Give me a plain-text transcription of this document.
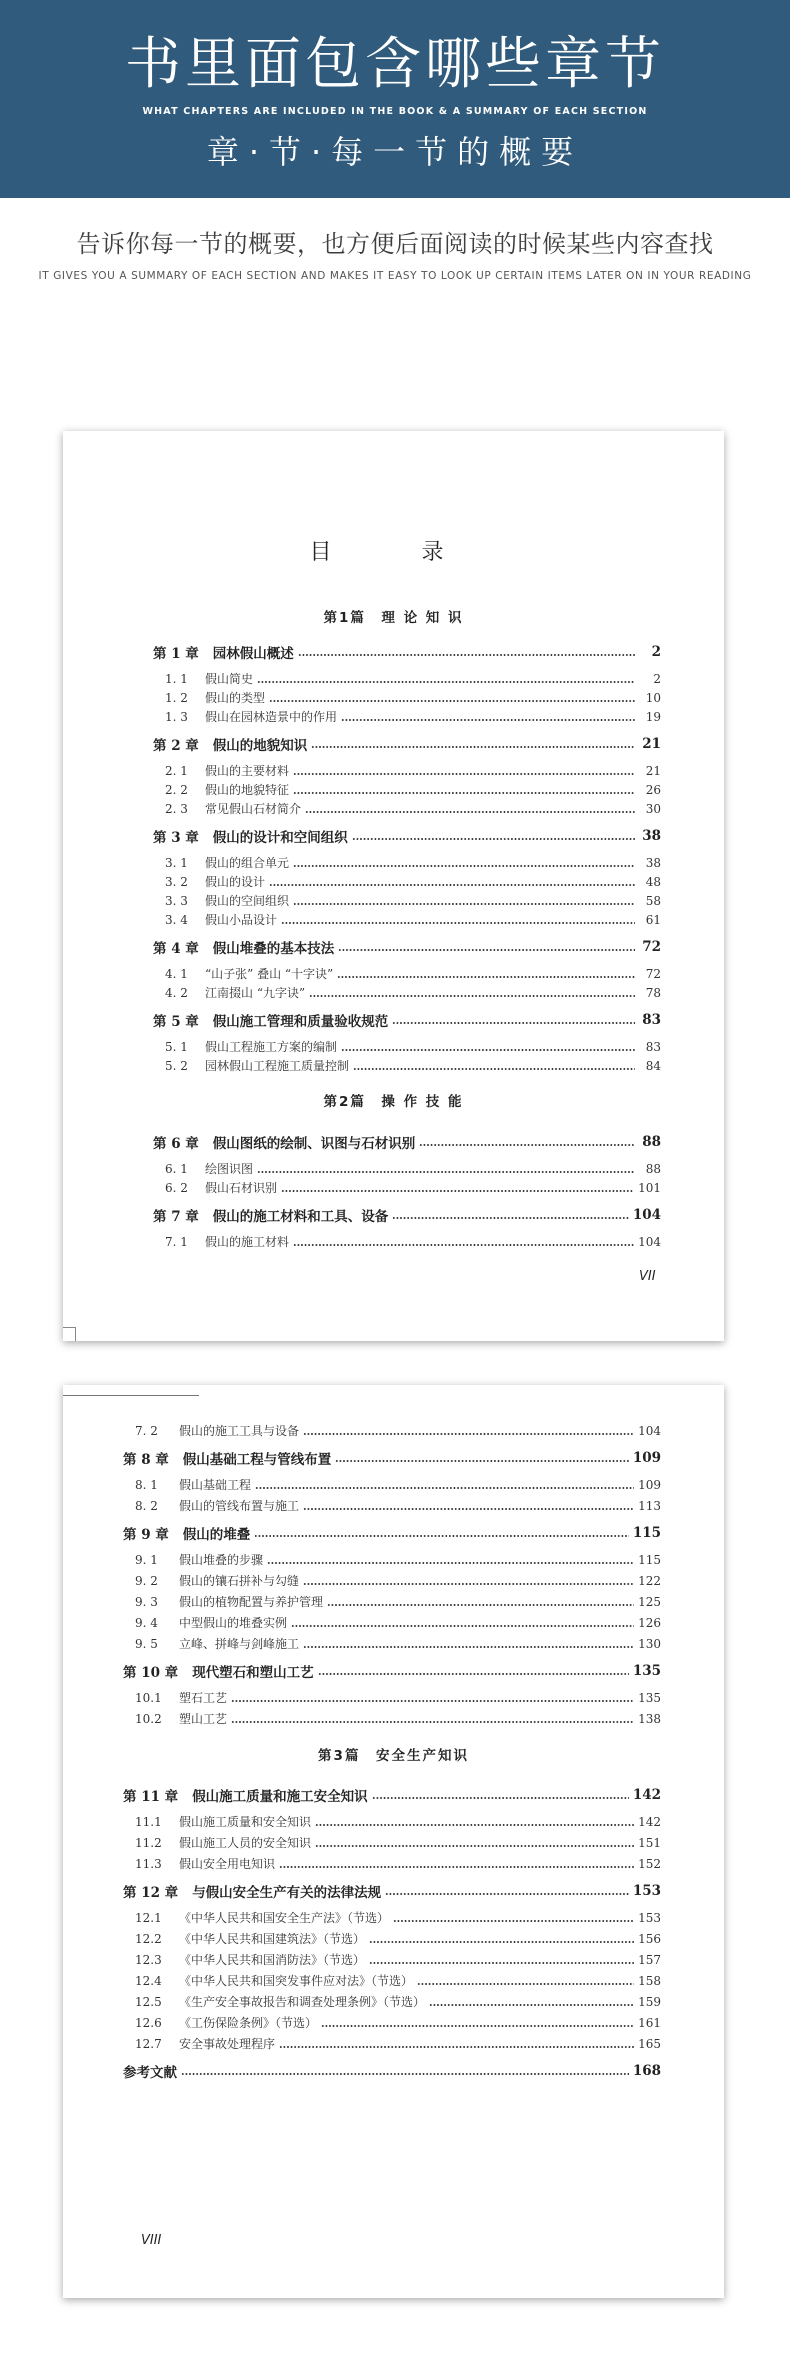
书里面包含哪些章节
WHAT CHAPTERS ARE INCLUDED IN THE BOOK & A SUMMARY OF EACH SECTION
章·节·每一节的概要
告诉你每一节的概要，也方便后面阅读的时候某些内容查找
IT GIVES YOU A SUMMARY OF EACH SECTION AND MAKES IT EASY TO LOOK UP CERTAIN ITEMS LATER ON IN YOUR READING
目　录
第1篇　理 论 知 识
第 1 章 园林假山概述	2
1. 1 假山简史	2
1. 2 假山的类型	10
1. 3 假山在园林造景中的作用	19
第 2 章 假山的地貌知识	21
2. 1 假山的主要材料	21
2. 2 假山的地貌特征	26
2. 3 常见假山石材简介	30
第 3 章 假山的设计和空间组织	38
3. 1 假山的组合单元	38
3. 2 假山的设计	48
3. 3 假山的空间组织	58
3. 4 假山小品设计	61
第 4 章 假山堆叠的基本技法	72
4. 1 “山子张” 叠山 “十字诀”	72
4. 2 江南掇山 “九字诀”	78
第 5 章 假山施工管理和质量验收规范	83
5. 1 假山工程施工方案的编制	83
5. 2 园林假山工程施工质量控制	84
第2篇　操 作 技 能
第 6 章 假山图纸的绘制、识图与石材识别	88
6. 1 绘图识图	88
6. 2 假山石材识别	101
第 7 章 假山的施工材料和工具、设备	104
7. 1 假山的施工材料	104
VII
7. 2	假山的施工工具与设备	104
第 8 章 假山基础工程与管线布置	109
8. 1	假山基础工程	109
8. 2	假山的管线布置与施工	113
第 9 章 假山的堆叠	115
9. 1	假山堆叠的步骤	115
9. 2	假山的镶石拼补与勾缝	122
9. 3	假山的植物配置与养护管理	125
9. 4	中型假山的堆叠实例	126
9. 5	立峰、拼峰与剑峰施工	130
第 10 章 现代塑石和塑山工艺	135
10.1 塑石工艺	135
10.2 塑山工艺	138
第3篇　安全生产知识
第 11 章 假山施工质量和施工安全知识	142
11.1 假山施工质量和安全知识	142
11.2 假山施工人员的安全知识	151
11.3 假山安全用电知识	152
第 12 章 与假山安全生产有关的法律法规	153
12.1 《中华人民共和国安全生产法》（节选）	153
12.2 《中华人民共和国建筑法》（节选）	156
12.3 《中华人民共和国消防法》（节选）	157
12.4 《中华人民共和国突发事件应对法》（节选）	158
12.5 《生产安全事故报告和调查处理条例》（节选）	159
12.6 《工伤保险条例》（节选）	161
12.7 安全事故处理程序	165
参考文献	168
VIII
